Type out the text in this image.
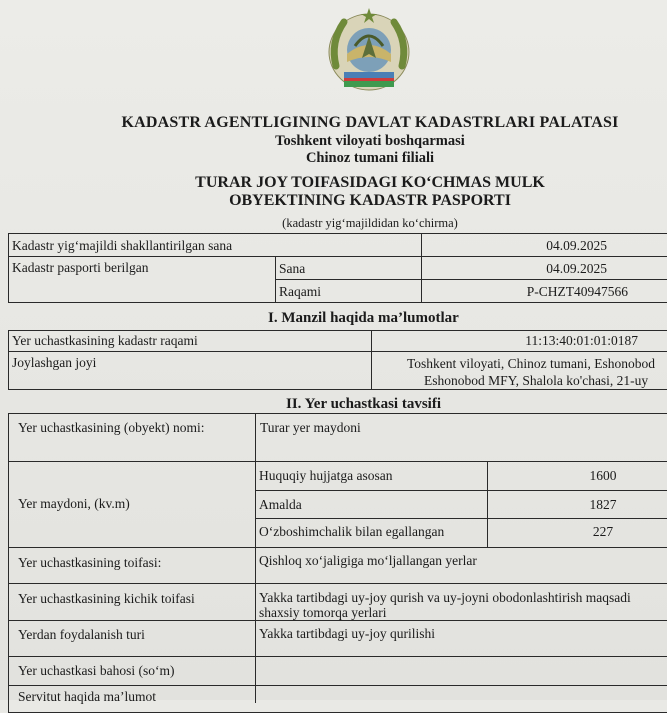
KADASTR AGENTLIGINING DAVLAT KADASTRLARI PALATASI
Toshkent viloyati boshqarmasi
Chinoz tumani filiali
TURAR JOY TOIFASIDAGI KO‘CHMAS MULK
OBYEKTINING KADASTR PASPORTI
(kadastr yig‘majildidan ko‘chirma)
Kadastr yig‘majildi shakllantirilgan sana	04.09.2025
Kadastr pasporti berilgan	Sana	04.09.2025
Raqami	P-CHZT40947566
I. Manzil haqida ma’lumotlar
Yer uchastkasining kadastr raqami	11:13:40:01:01:0187
Joylashgan joyi	Toshkent viloyati, Chinoz tumani, Eshonobod
Eshonobod MFY, Shalola ko'chasi, 21-uy
II. Yer uchastkasi tavsifi
Yer uchastkasining (obyekt) nomi:	Turar yer maydoni
Yer maydoni, (kv.m)
Huquqiy hujjatga asosan	1600
Amalda	1827
O‘zboshimchalik bilan egallangan	227
Yer uchastkasining toifasi:	Qishloq xo‘jaligiga mo‘ljallangan yerlar
Yer uchastkasining kichik toifasi	Yakka tartibdagi uy-joy qurish va uy-joyni obodonlashtirish maqsadi
shaxsiy tomorqa yerlari
Yerdan foydalanish turi	Yakka tartibdagi uy-joy qurilishi
Yer uchastkasi bahosi (so‘m)
Servitut haqida ma’lumot
